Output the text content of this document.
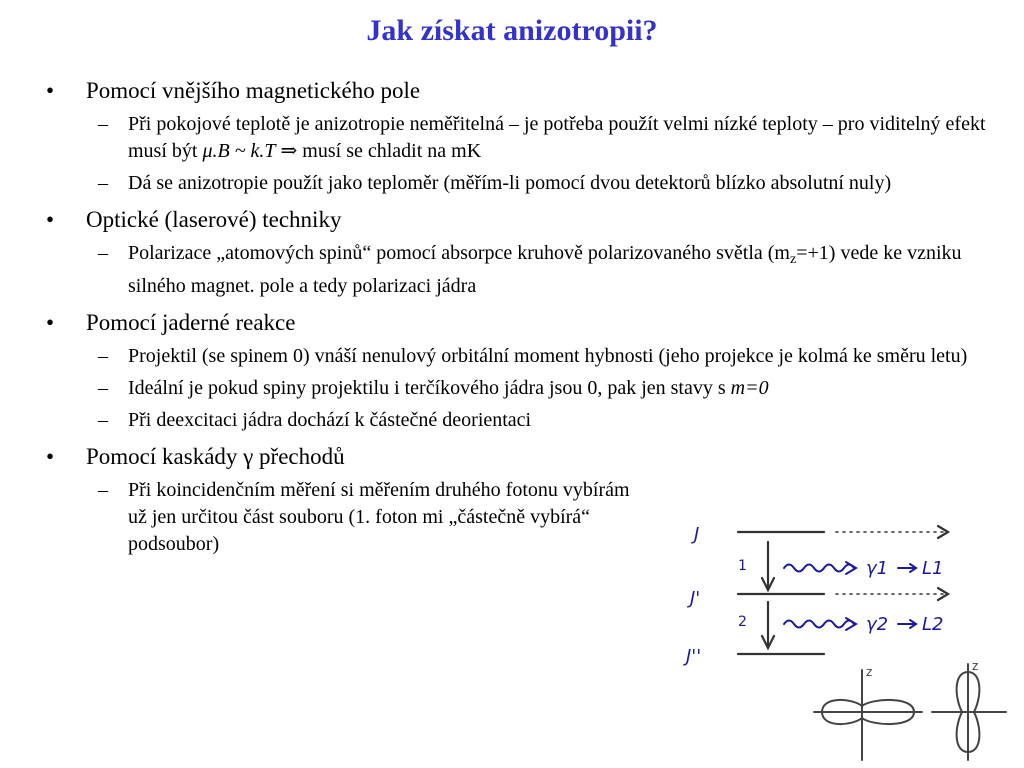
Jak získat anizotropii?
• Pomocí vnějšího magnetického pole
– Při pokojové teplotě je anizotropie neměřitelná – je potřeba použít velmi nízké teploty – pro viditelný efekt musí být μ.B ~ k.T ⇒ musí se chladit na mK
– Dá se anizotropie použít jako teploměr (měřím-li pomocí dvou detektorů blízko absolutní nuly)
• Optické (laserové) techniky
– Polarizace „atomových spinů“ pomocí absorpce kruhově polarizovaného světla $(m_z=+1)$ vede ke vzniku silného magnet. pole a tedy polarizaci jádra
• Pomocí jaderné reakce
– Projektil (se spinem 0) vnáší nenulový orbitální moment hybnosti (jeho projekce je kolmá ke směru letu)
– Ideální je pokud spiny projektilu i terčíkového jádra jsou 0, pak jen stavy s m=0
– Při deexcitaci jádra dochází k částečné deorientaci
• Pomocí kaskády γ přechodů
– Při koincidenčním měření si měřením druhého fotonu vybírám už jen určitou část souboru (1. foton mi „částečně vybírá“ podsoubor)	J
J'
J''
γ1
γ2
L1
L2
1
2
z	z
